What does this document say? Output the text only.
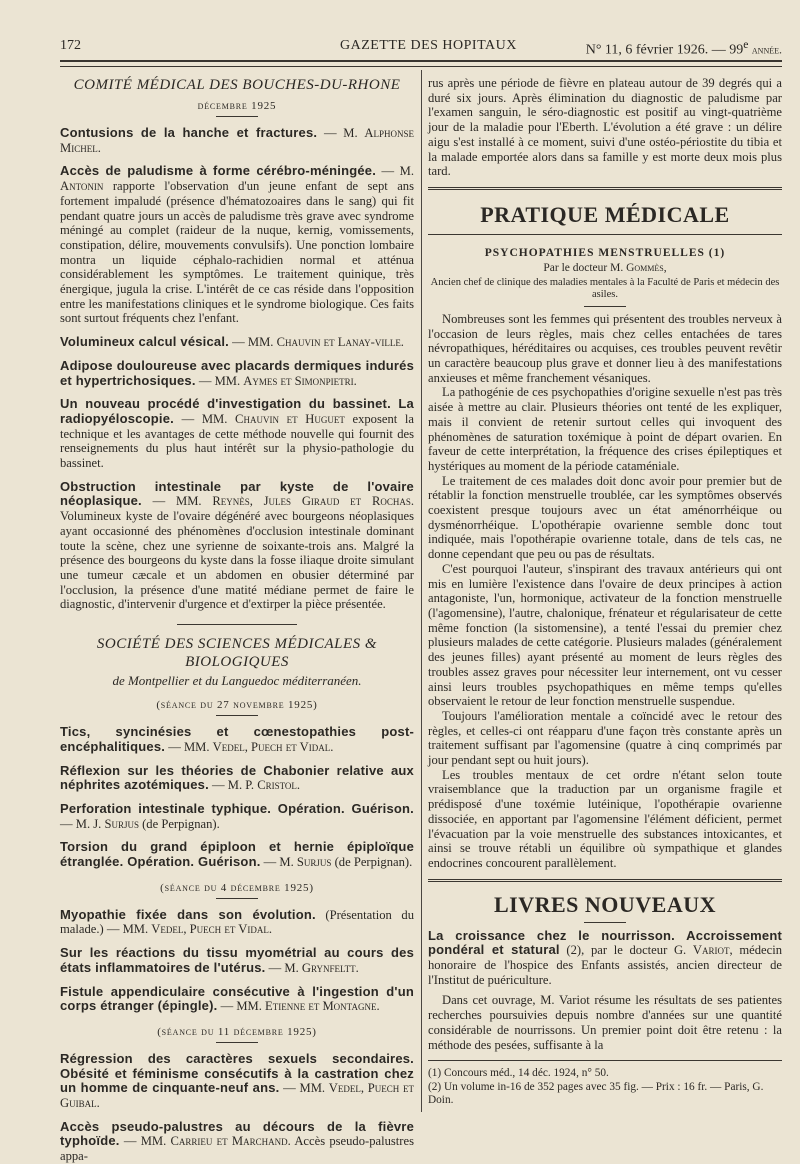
172	GAZETTE DES HOPITAUX	N° 11, 6 février 1926. — 99e année.
COMITÉ MÉDICAL DES BOUCHES-DU-RHONE
décembre 1925

Contusions de la hanche et fractures. — M. Alphonse Michel.

Accès de paludisme à forme cérébro-méningée. — M. Antonin rapporte l'observation d'un jeune enfant de sept ans fortement impaludé (présence d'hématozoaires dans le sang) qui fit pendant quatre jours un accès de paludisme très grave avec syndrome méningé au complet (raideur de la nuque, kernig, vomissements, constipation, délire, mouvements convulsifs). Une ponction lombaire montra un liquide céphalo-rachidien normal et atténua considérablement les symptômes. Le traitement quinique, très énergique, jugula la crise. L'intérêt de ce cas réside dans l'opposition entre les manifestations cliniques et le syndrome biologique. Ces faits sont surtout fréquents chez l'enfant.

Volumineux calcul vésical. — MM. Chauvin et Lanay-ville.

Adipose douloureuse avec placards dermiques indurés et hypertrichosiques. — MM. Aymes et Simonpietri.

Un nouveau procédé d'investigation du bassinet. La radiopyéloscopie. — MM. Chauvin et Huguet exposent la technique et les avantages de cette méthode nouvelle qui fournit des renseignements du plus haut intérêt sur la physio-pathologie du bassinet.

Obstruction intestinale par kyste de l'ovaire néoplasique. — MM. Reynès, Jules Giraud et Rochas. Volumineux kyste de l'ovaire dégénéré avec bourgeons néoplasiques ayant occasionné des phénomènes d'occlusion intestinale dominant toute la scène, chez une syrienne de soixante-trois ans. Malgré la présence des bourgeons du kyste dans la fosse iliaque droite simulant une tumeur cæcale et un abdomen en obusier déterminé par l'occlusion, la présence d'une matité médiane permet de faire le diagnostic, d'intervenir d'urgence et d'extirper la pièce présentée.

SOCIÉTÉ DES SCIENCES MÉDICALES & BIOLOGIQUES
de Montpellier et du Languedoc méditerranéen.
(séance du 27 novembre 1925)

Tics, syncinésies et cœnestopathies post-encéphalitiques. — MM. Vedel, Puech et Vidal.

Réflexion sur les théories de Chabonier relative aux néphrites azotémiques. — M. P. Cristol.

Perforation intestinale typhique. Opération. Guérison. — M. J. Surjus (de Perpignan).

Torsion du grand épiploon et hernie épiploïque étranglée. Opération. Guérison. — M. Surjus (de Perpignan).

(séance du 4 décembre 1925)

Myopathie fixée dans son évolution. (Présentation du malade.) — MM. Vedel, Puech et Vidal.

Sur les réactions du tissu myométrial au cours des états inflammatoires de l'utérus. — M. Grynfeltt.

Fistule appendiculaire consécutive à l'ingestion d'un corps étranger (épingle). — MM. Etienne et Montagne.

(séance du 11 décembre 1925)

Régression des caractères sexuels secondaires. Obésité et féminisme consécutifs à la castration chez un homme de cinquante-neuf ans. — MM. Vedel, Puech et Guibal.

Accès pseudo-palustres au décours de la fièvre typhoïde. — MM. Carrieu et Marchand. Accès pseudo-palustres appa-

rus après une période de fièvre en plateau autour de 39 degrés qui a duré six jours. Après élimination du diagnostic de paludisme par l'examen sanguin, le séro-diagnostic est positif au vingt-quatrième jour de la maladie pour l'Eberth. L'évolution a été grave : un délire aigu s'est installé à ce moment, suivi d'une ostéo-périostite du tibia et la malade emportée alors dans sa famille y est morte deux mois plus tard.

PRATIQUE MÉDICALE
PSYCHOPATHIES MENSTRUELLES (1)
Par le docteur M. Gommès,
Ancien chef de clinique des maladies mentales à la Faculté de Paris et médecin des asiles.

Nombreuses sont les femmes qui présentent des troubles nerveux à l'occasion de leurs règles, mais chez celles entachées de tares névropathiques, héréditaires ou acquises, ces troubles peuvent revêtir un caractère beaucoup plus grave et donner lieu à des manifestations anxieuses et même franchement vésaniques.

La pathogénie de ces psychopathies d'origine sexuelle n'est pas très aisée à mettre au clair. Plusieurs théories ont tenté de les expliquer, mais il convient de retenir surtout celles qui invoquent des phénomènes de saturation toxémique à point de départ ovarien. En faveur de cette interprétation, la fréquence des crises épileptiques et hystériques au moment de la période cataméniale.

Le traitement de ces malades doit donc avoir pour premier but de rétablir la fonction menstruelle troublée, car les symptômes observés coexistent presque toujours avec un état aménorrhéique ou dysménorrhéique. L'opothérapie ovarienne semble donc tout indiquée, mais l'opothérapie ovarienne totale, dans de tels cas, ne donne cependant que peu ou pas de résultats.

C'est pourquoi l'auteur, s'inspirant des travaux antérieurs qui ont mis en lumière l'existence dans l'ovaire de deux principes à action antagoniste, l'un, hormonique, activateur de la fonction menstruelle (l'agomensine), l'autre, chalonique, frénateur et régularisateur de cette même fonction (la sistomensine), a tenté l'essai du premier chez plusieurs malades de cette catégorie. Plusieurs malades (généralement des jeunes filles) ayant présenté au moment de leurs règles des troubles assez graves pour nécessiter leur internement, ont vu cesser ainsi leurs troubles psychopathiques en même temps qu'elles observaient le retour de leur fonction menstruelle suspendue.

Toujours l'amélioration mentale a coïncidé avec le retour des règles, et celles-ci ont réapparu d'une façon très constante après un traitement suffisant par l'agomensine (quatre à cinq comprimés par jour pendant sept ou huit jours).

Les troubles mentaux de cet ordre n'étant selon toute vraisemblance que la traduction par un organisme fragile et prédisposé d'une toxémie lutéinique, l'opothérapie ovarienne dissociée, en apportant par l'agomensine l'élément déficient, permet l'évacuation par la voie menstruelle des substances intoxicantes, et ainsi se trouve rétabli un équilibre où sympathique et glandes endocrines concourent parallèlement.

LIVRES NOUVEAUX

La croissance chez le nourrisson. Accroissement pondéral et statural (2), par le docteur G. Variot, médecin honoraire de l'hospice des Enfants assistés, ancien directeur de l'Institut de puériculture.

Dans cet ouvrage, M. Variot résume les résultats de ses patientes recherches poursuivies depuis nombre d'années sur une quantité considérable de nourrissons. Un premier point doit être retenu : la méthode des pesées, suffisante à la

(1) Concours méd., 14 déc. 1924, n° 50.

(2) Un volume in-16 de 352 pages avec 35 fig. — Prix : 16 fr. — Paris, G. Doin.
